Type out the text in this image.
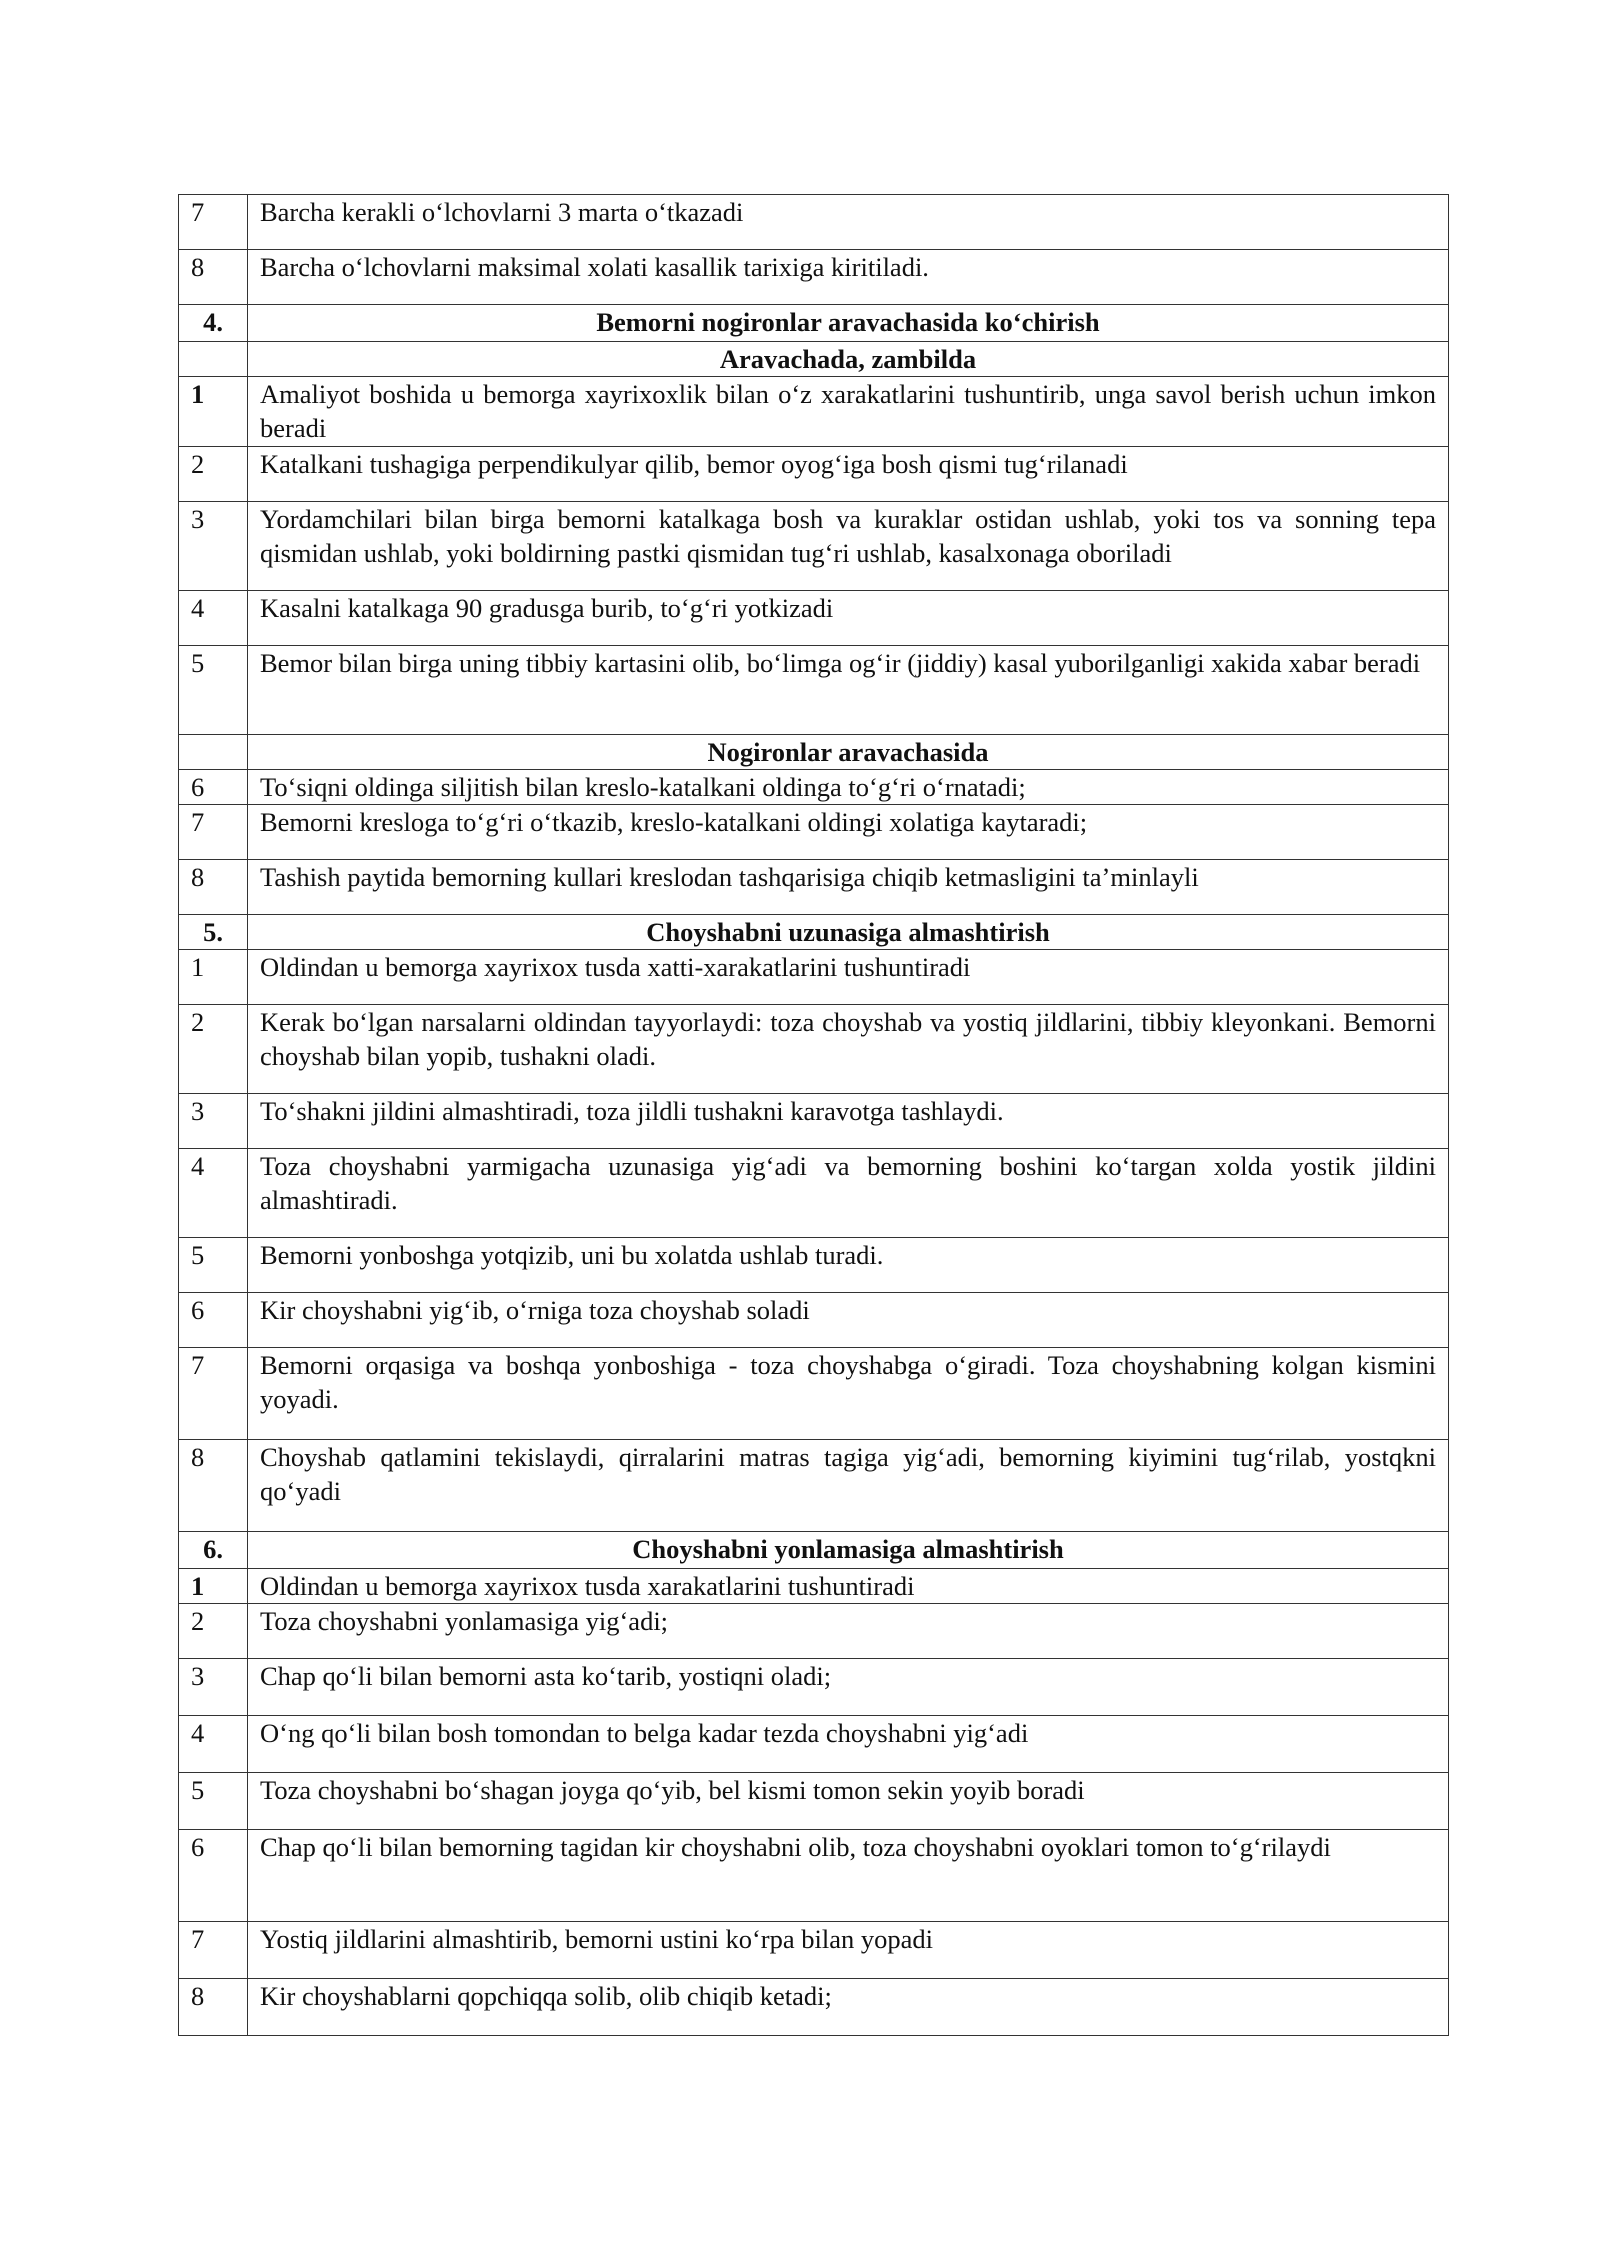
7	Barcha kerakli o‘lchovlarni 3 marta o‘tkazadi
8	Barcha o‘lchovlarni maksimal xolati kasallik tarixiga kiritiladi.
4.	Bemorni nogironlar aravachasida ko‘chirish
	Aravachada, zambilda
1	Amaliyot boshida u bemorga xayrixoxlik bilan o‘z xarakatlarini tushuntirib, unga savol berish uchun imkon beradi
2	Katalkani tushagiga perpendikulyar qilib, bemor oyog‘iga bosh qismi tug‘rilanadi
3	Yordamchilari bilan birga bemorni katalkaga bosh va kuraklar ostidan ushlab, yoki tos va sonning tepa qismidan ushlab, yoki boldirning pastki qismidan tug‘ri ushlab, kasalxonaga oboriladi
4	Kasalni katalkaga 90 gradusga burib, to‘g‘ri yotkizadi
5	Bemor bilan birga uning tibbiy kartasini olib, bo‘limga og‘ir (jiddiy) kasal yuborilganligi xakida xabar beradi
	Nogironlar aravachasida
6	To‘siqni oldinga siljitish bilan kreslo-katalkani oldinga to‘g‘ri o‘rnatadi;
7	Bemorni kresloga to‘g‘ri o‘tkazib, kreslo-katalkani oldingi xolatiga kaytaradi;
8	Tashish paytida bemorning kullari kreslodan tashqarisiga chiqib ketmasligini ta’minlayli
5.	Choyshabni uzunasiga almashtirish
1	Oldindan u bemorga xayrixox tusda xatti-xarakatlarini tushuntiradi
2	Kerak bo‘lgan narsalarni oldindan tayyorlaydi: toza choyshab va yostiq jildlarini, tibbiy kleyonkani. Bemorni choyshab bilan yopib, tushakni oladi.
3	To‘shakni jildini almashtiradi, toza jildli tushakni karavotga tashlaydi.
4	Toza choyshabni yarmigacha uzunasiga yig‘adi va bemorning boshini ko‘targan xolda yostik jildini almashtiradi.
5	Bemorni yonboshga yotqizib, uni bu xolatda ushlab turadi.
6	Kir choyshabni yig‘ib, o‘rniga toza choyshab soladi
7	Bemorni orqasiga va boshqa yonboshiga - toza choyshabga o‘giradi. Toza choyshabning kolgan kismini yoyadi.
8	Choyshab qatlamini tekislaydi, qirralarini matras tagiga yig‘adi, bemorning kiyimini tug‘rilab, yostqkni qo‘yadi
6.	Choyshabni yonlamasiga almashtirish
1	Oldindan u bemorga xayrixox tusda xarakatlarini tushuntiradi
2	Toza choyshabni yonlamasiga yig‘adi;
3	Chap qo‘li bilan bemorni asta ko‘tarib, yostiqni oladi;
4	O‘ng qo‘li bilan bosh tomondan to belga kadar tezda choyshabni yig‘adi
5	Toza choyshabni bo‘shagan joyga qo‘yib, bel kismi tomon sekin yoyib boradi
6	Chap qo‘li bilan bemorning tagidan kir choyshabni olib, toza choyshabni oyoklari tomon to‘g‘rilaydi
7	Yostiq jildlarini almashtirib, bemorni ustini ko‘rpa bilan yopadi
8	Kir choyshablarni qopchiqqa solib, olib chiqib ketadi;
